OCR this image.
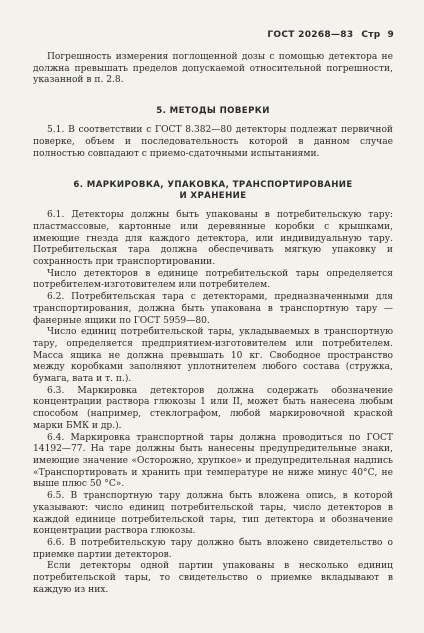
ГОСТ 20268—83 Стр 9

Погрешность измерения поглощенной дозы с помощью детектора не должна превышать пределов допускаемой относительной погрешности, указанной в п. 2.8.

5. МЕТОДЫ ПОВЕРКИ

5.1. В соответствии с ГОСТ 8.382—80 детекторы подлежат первичной поверке, объем и последовательность которой в данном случае полностью совпадают с приемо-сдаточными испытаниями.

6. МАРКИРОВКА, УПАКОВКА, ТРАНСПОРТИРОВАНИЕ
И ХРАНЕНИЕ

6.1. Детекторы должны быть упакованы в потребительскую тару: пластмассовые, картонные или деревянные коробки с крышками, имеющие гнезда для каждого детектора, или индивидуальную тару. Потребительская тара должна обеспечивать мягкую упаковку и сохранность при транспортировании.

Число детекторов в единице потребительской тары определяется потребителем-изготовителем или потребителем.

6.2. Потребительская тара с детекторами, предназначенными для транспортирования, должна быть упакована в транспортную тару — фанерные ящики по ГОСТ 5959—80.

Число единиц потребительской тары, укладываемых в транспортную тару, определяется предприятием-изготовителем или потребителем. Масса ящика не должна превышать 10 кг. Свободное пространство между коробками заполняют уплотнителем любого состава (стружка, бумага, вата и т. п.).

6.3. Маркировка детекторов должна содержать обозначение концентрации раствора глюкозы 1 или II, может быть нанесена любым способом (например, стеклографом, любой маркировочной краской марки БМК и др.).

6.4. Маркировка транспортной тары должна проводиться по ГОСТ 14192—77. На таре должны быть нанесены предупредительные знаки, имеющие значение «Осторожно, хрупкое» и предупредительная надпись «Транспортировать и хранить при температуре не ниже минус 40°С, не выше плюс 50 °С».

6.5. В транспортную тару должна быть вложена опись, в которой указывают: число единиц потребительской тары, число детекторов в каждой единице потребительской тары, тип детектора и обозначение концентрации раствора глюкозы.

6.6. В потребительскую тару должно быть вложено свидетельство о приемке партии детекторов.

Если детекторы одной партии упакованы в несколько единиц потребительской тары, то свидетельство о приемке вкладывают в каждую из них.
